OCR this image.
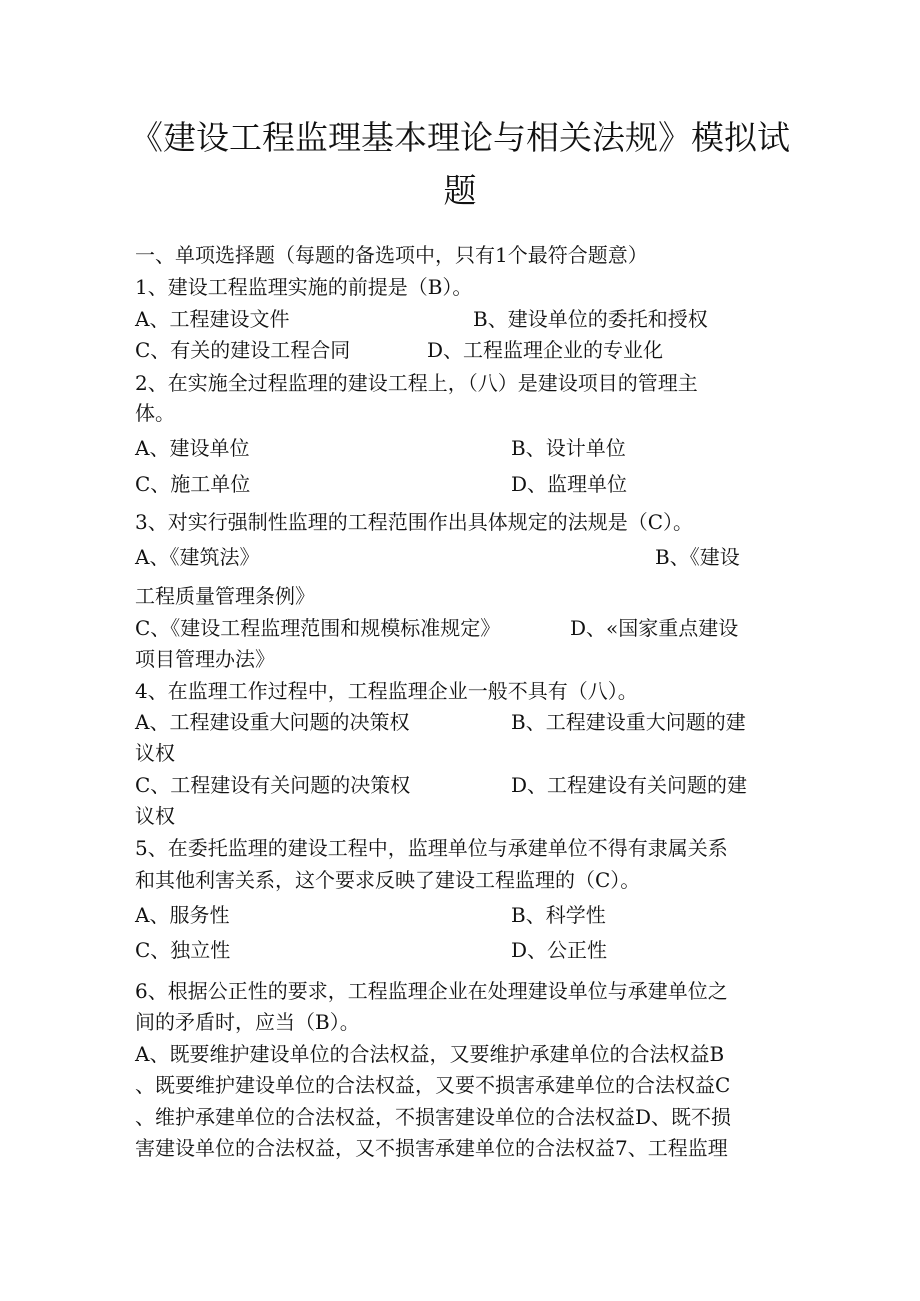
《建设工程监理基本理论与相关法规》模拟试
题
一、单项选择题（每题的备选项中，只有1个最符合题意）
1、建设工程监理实施的前提是（B）。
A、工程建设文件	B、建设单位的委托和授权
C、有关的建设工程合同	D、工程监理企业的专业化
2、在实施全过程监理的建设工程上，（八）是建设项目的管理主
体。
A、建设单位	B、设计单位
C、施工单位	D、监理单位
3、对实行强制性监理的工程范围作出具体规定的法规是（C）。
A、《建筑法》	B、《建设
工程质量管理条例》
C、《建设工程监理范围和规模标准规定》	D、«国家重点建设
项目管理办法》
4、在监理工作过程中，工程监理企业一般不具有（八）。
A、工程建设重大问题的决策权	B、工程建设重大问题的建
议权
C、工程建设有关问题的决策权	D、工程建设有关问题的建
议权
5、在委托监理的建设工程中，监理单位与承建单位不得有隶属关系
和其他利害关系，这个要求反映了建设工程监理的（C）。
A、服务性	B、科学性
C、独立性	D、公正性
6、根据公正性的要求，工程监理企业在处理建设单位与承建单位之
间的矛盾时，应当（B）。
A、既要维护建设单位的合法权益，又要维护承建单位的合法权益B
、既要维护建设单位的合法权益，又要不损害承建单位的合法权益C
、维护承建单位的合法权益，不损害建设单位的合法权益D、既不损
害建设单位的合法权益，又不损害承建单位的合法权益7、工程监理
